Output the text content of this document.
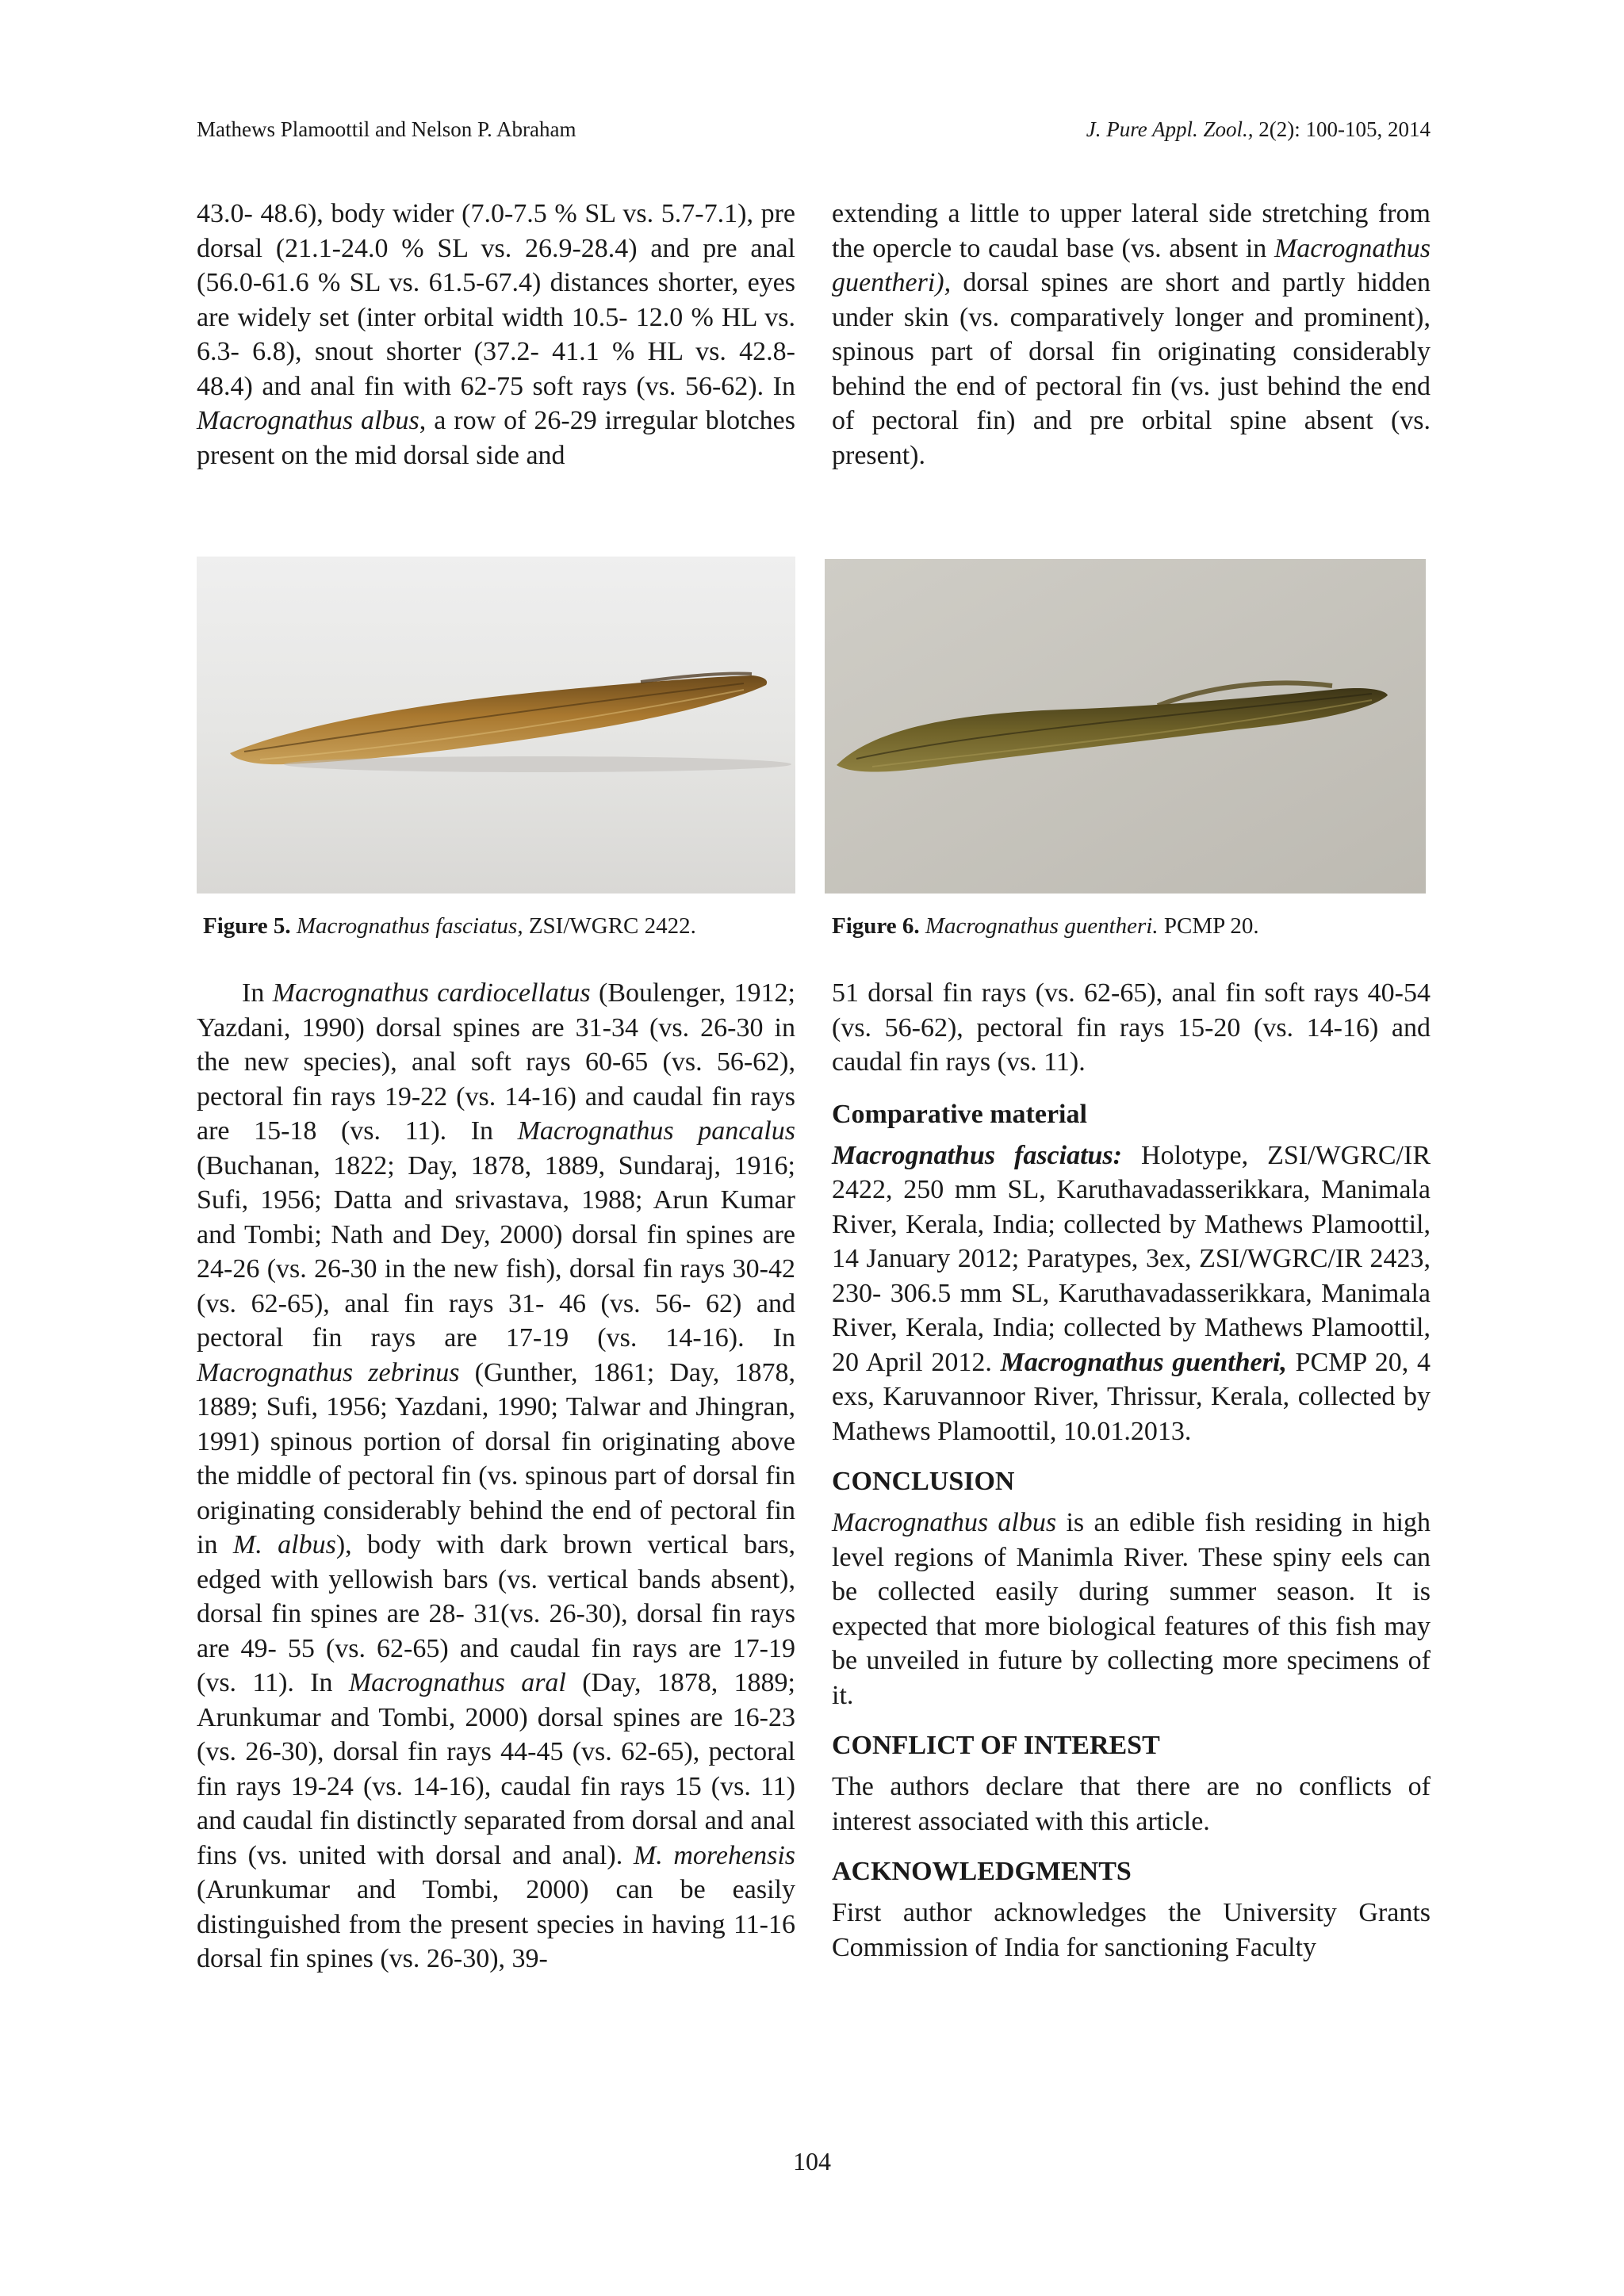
Mathews Plamoottil and Nelson P. Abraham	J. Pure Appl. Zool., 2(2): 100-105, 2014

43.0- 48.6), body wider (7.0-7.5 % SL vs. 5.7-7.1), pre dorsal (21.1-24.0 % SL vs. 26.9-28.4) and pre anal (56.0-61.6 % SL vs. 61.5-67.4) distances shorter, eyes are widely set (inter orbital width 10.5- 12.0 % HL vs. 6.3- 6.8), snout shorter (37.2- 41.1 % HL vs. 42.8- 48.4) and anal fin with 62-75 soft rays (vs. 56-62). In Macrognathus albus, a row of 26-29 irregular blotches present on the mid dorsal side and

extending a little to upper lateral side stretching from the opercle to caudal base (vs. absent in Macrognathus guentheri), dorsal spines are short and partly hidden under skin (vs. comparatively longer and prominent), spinous part of dorsal fin originating considerably behind the end of pectoral fin (vs. just behind the end of pectoral fin) and pre orbital spine absent (vs. present).

Figure 5. Macrognathus fasciatus, ZSI/WGRC 2422.	Figure 6. Macrognathus guentheri. PCMP 20.

In Macrognathus cardiocellatus (Boulenger, 1912; Yazdani, 1990) dorsal spines are 31-34 (vs. 26-30 in the new species), anal soft rays 60-65 (vs. 56-62), pectoral fin rays 19-22 (vs. 14-16) and caudal fin rays are 15-18 (vs. 11). In Macrognathus pancalus (Buchanan, 1822; Day, 1878, 1889, Sundaraj, 1916; Sufi, 1956; Datta and srivastava, 1988; Arun Kumar and Tombi; Nath and Dey, 2000) dorsal fin spines are 24-26 (vs. 26-30 in the new fish), dorsal fin rays 30-42 (vs. 62-65), anal fin rays 31- 46 (vs. 56- 62) and pectoral fin rays are 17-19 (vs. 14-16). In Macrognathus zebrinus (Gunther, 1861; Day, 1878, 1889; Sufi, 1956; Yazdani, 1990; Talwar and Jhingran, 1991) spinous portion of dorsal fin originating above the middle of pectoral fin (vs. spinous part of dorsal fin originating considerably behind the end of pectoral fin in M. albus), body with dark brown vertical bars, edged with yellowish bars (vs. vertical bands absent), dorsal fin spines are 28- 31(vs. 26-30), dorsal fin rays are 49- 55 (vs. 62-65) and caudal fin rays are 17-19 (vs. 11). In Macrognathus aral (Day, 1878, 1889; Arunkumar and Tombi, 2000) dorsal spines are 16-23 (vs. 26-30), dorsal fin rays 44-45 (vs. 62-65), pectoral fin rays 19-24 (vs. 14-16), caudal fin rays 15 (vs. 11) and caudal fin distinctly separated from dorsal and anal fins (vs. united with dorsal and anal). M. morehensis (Arunkumar and Tombi, 2000) can be easily distinguished from the present species in having 11-16 dorsal fin spines (vs. 26-30), 39-

51 dorsal fin rays (vs. 62-65), anal fin soft rays 40-54 (vs. 56-62), pectoral fin rays 15-20 (vs. 14-16) and caudal fin rays (vs. 11).

Comparative material

Macrognathus fasciatus: Holotype, ZSI/WGRC/IR 2422, 250 mm SL, Karuthavadasserikkara, Manimala River, Kerala, India; collected by Mathews Plamoottil, 14 January 2012; Paratypes, 3ex, ZSI/WGRC/IR 2423, 230- 306.5 mm SL, Karuthavadasserikkara, Manimala River, Kerala, India; collected by Mathews Plamoottil, 20 April 2012. Macrognathus guentheri, PCMP 20, 4 exs, Karuvannoor River, Thrissur, Kerala, collected by Mathews Plamoottil, 10.01.2013.

CONCLUSION

Macrognathus albus is an edible fish residing in high level regions of Manimla River. These spiny eels can be collected easily during summer season. It is expected that more biological features of this fish may be unveiled in future by collecting more specimens of it.

CONFLICT OF INTEREST

The authors declare that there are no conflicts of interest associated with this article.

ACKNOWLEDGMENTS

First author acknowledges the University Grants Commission of India for sanctioning Faculty

104
